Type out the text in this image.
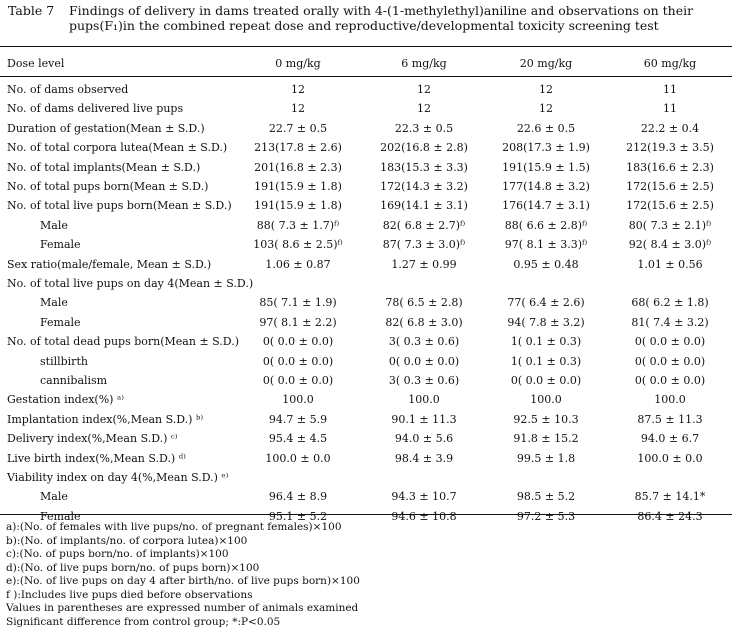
Table 7 Findings of delivery in dams treated orally with 4-(1-methylethyl)aniline and observations on their pups(F₁)in the combined repeat dose and reproductive/developmental toxicity screening test
Dose level	0 mg/kg	6 mg/kg	20 mg/kg	60 mg/kg
No. of dams observed	12	12	12	11
No. of dams delivered live pups	12	12	12	11
Duration of gestation(Mean ± S.D.)	22.7 ± 0.5	22.3 ± 0.5	22.6 ± 0.5	22.2 ± 0.4
No. of total corpora lutea(Mean ± S.D.)	213(17.8 ± 2.6)	202(16.8 ± 2.8)	208(17.3 ± 1.9)	212(19.3 ± 3.5)
No. of total implants(Mean ± S.D.)	201(16.8 ± 2.3)	183(15.3 ± 3.3)	191(15.9 ± 1.5)	183(16.6 ± 2.3)
No. of total pups born(Mean ± S.D.)	191(15.9 ± 1.8)	172(14.3 ± 3.2)	177(14.8 ± 3.2)	172(15.6 ± 2.5)
No. of total live pups born(Mean ± S.D.)	191(15.9 ± 1.8)	169(14.1 ± 3.1)	176(14.7 ± 3.1)	172(15.6 ± 2.5)
Male	88( 7.3 ± 1.7)ᶠ⁾	82( 6.8 ± 2.7)ᶠ⁾	88( 6.6 ± 2.8)ᶠ⁾	80( 7.3 ± 2.1)ᶠ⁾
Female	103( 8.6 ± 2.5)ᶠ⁾	87( 7.3 ± 3.0)ᶠ⁾	97( 8.1 ± 3.3)ᶠ⁾	92( 8.4 ± 3.0)ᶠ⁾
Sex ratio(male/female, Mean ± S.D.)	1.06 ± 0.87	1.27 ± 0.99	0.95 ± 0.48	1.01 ± 0.56
No. of total live pups on day 4(Mean ± S.D.)
Male	85( 7.1 ± 1.9)	78( 6.5 ± 2.8)	77( 6.4 ± 2.6)	68( 6.2 ± 1.8)
Female	97( 8.1 ± 2.2)	82( 6.8 ± 3.0)	94( 7.8 ± 3.2)	81( 7.4 ± 3.2)
No. of total dead pups born(Mean ± S.D.)	0( 0.0 ± 0.0)	3( 0.3 ± 0.6)	1( 0.1 ± 0.3)	0( 0.0 ± 0.0)
stillbirth	0( 0.0 ± 0.0)	0( 0.0 ± 0.0)	1( 0.1 ± 0.3)	0( 0.0 ± 0.0)
cannibalism	0( 0.0 ± 0.0)	3( 0.3 ± 0.6)	0( 0.0 ± 0.0)	0( 0.0 ± 0.0)
Gestation index(%) ᵃ⁾	100.0	100.0	100.0	100.0
Implantation index(%,Mean S.D.) ᵇ⁾	94.7 ± 5.9	90.1 ± 11.3	92.5 ± 10.3	87.5 ± 11.3
Delivery index(%,Mean S.D.) ᶜ⁾	95.4 ± 4.5	94.0 ± 5.6	91.8 ± 15.2	94.0 ± 6.7
Live birth index(%,Mean S.D.) ᵈ⁾	100.0 ± 0.0	98.4 ± 3.9	99.5 ± 1.8	100.0 ± 0.0
Viability index on day 4(%,Mean S.D.) ᵉ⁾
Male	96.4 ± 8.9	94.3 ± 10.7	98.5 ± 5.2	85.7 ± 14.1*
Female	95.1 ± 5.2	94.6 ± 10.8	97.2 ± 5.3	86.4 ± 24.3
a):(No. of females with live pups/no. of pregnant females)×100
b):(No. of implants/no. of corpora lutea)×100
c):(No. of pups born/no. of implants)×100
d):(No. of live pups born/no. of pups born)×100
e):(No. of live pups on day 4 after birth/no. of live pups born)×100
f ):Includes live pups died before observations
Values in parentheses are expressed number of animals examined
Significant difference from control group; *:P<0.05
